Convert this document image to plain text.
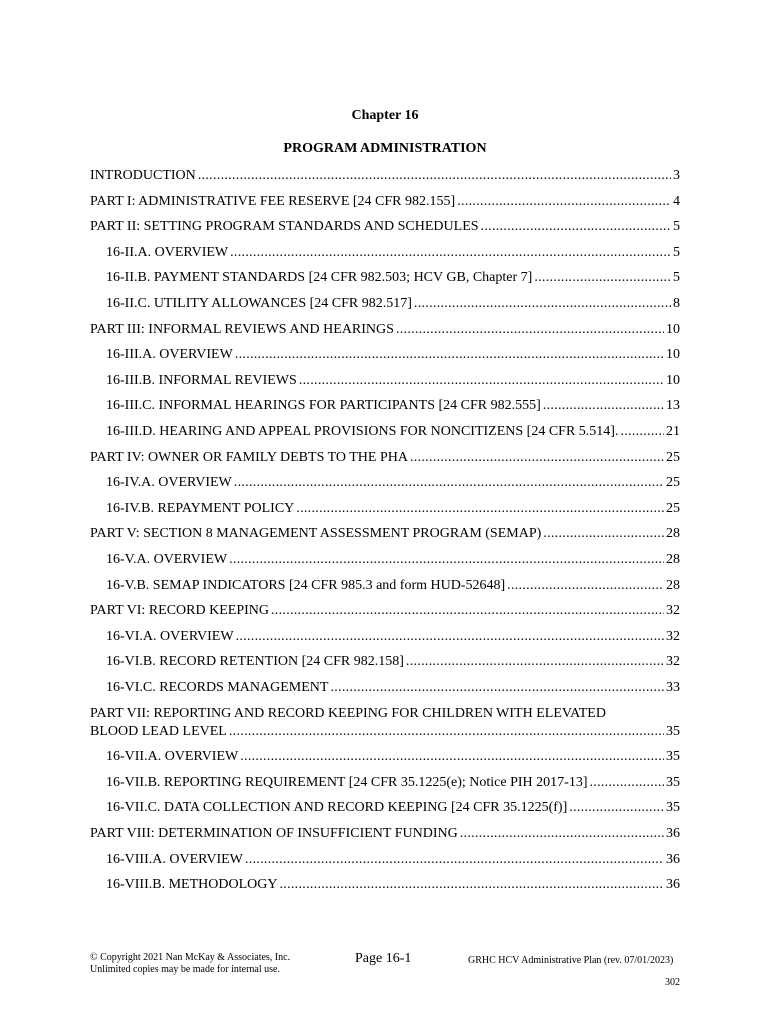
Chapter 16
PROGRAM ADMINISTRATION
INTRODUCTION . . .	3
PART I: ADMINISTRATIVE FEE RESERVE [24 CFR 982.155] . . .	4
PART II: SETTING PROGRAM STANDARDS AND SCHEDULES . . .	5
16-II.A. OVERVIEW . . .	5
16-II.B. PAYMENT STANDARDS [24 CFR 982.503; HCV GB, Chapter 7] . . .	5
16-II.C. UTILITY ALLOWANCES [24 CFR 982.517] . . .	8
PART III: INFORMAL REVIEWS AND HEARINGS . . .	10
16-III.A. OVERVIEW . . .	10
16-III.B. INFORMAL REVIEWS . . .	10
16-III.C. INFORMAL HEARINGS FOR PARTICIPANTS [24 CFR 982.555] . . .	13
16-III.D. HEARING AND APPEAL PROVISIONS FOR NONCITIZENS [24 CFR 5.514]. . . .	21
PART IV: OWNER OR FAMILY DEBTS TO THE PHA . . .	25
16-IV.A. OVERVIEW . . .	25
16-IV.B. REPAYMENT POLICY . . .	25
PART V: SECTION 8 MANAGEMENT ASSESSMENT PROGRAM (SEMAP) . . .	28
16-V.A. OVERVIEW . . .	28
16-V.B. SEMAP INDICATORS [24 CFR 985.3 and form HUD-52648] . . .	28
PART VI: RECORD KEEPING . . .	32
16-VI.A. OVERVIEW . . .	32
16-VI.B. RECORD RETENTION [24 CFR 982.158] . . .	32
16-VI.C. RECORDS MANAGEMENT . . .	33
PART VII: REPORTING AND RECORD KEEPING FOR CHILDREN WITH ELEVATED
BLOOD LEAD LEVEL . . .	35
16-VII.A. OVERVIEW . . .	35
16-VII.B. REPORTING REQUIREMENT [24 CFR 35.1225(e); Notice PIH 2017-13] . . .	35
16-VII.C. DATA COLLECTION AND RECORD KEEPING [24 CFR 35.1225(f)] . . .	35
PART VIII: DETERMINATION OF INSUFFICIENT FUNDING . . .	36
16-VIII.A. OVERVIEW . . .	36
16-VIII.B. METHODOLOGY . . .	36
© Copyright 2021 Nan McKay & Associates, Inc.
Unlimited copies may be made for internal use.
Page 16-1	GRHC HCV Administrative Plan (rev. 07/01/2023)
302
